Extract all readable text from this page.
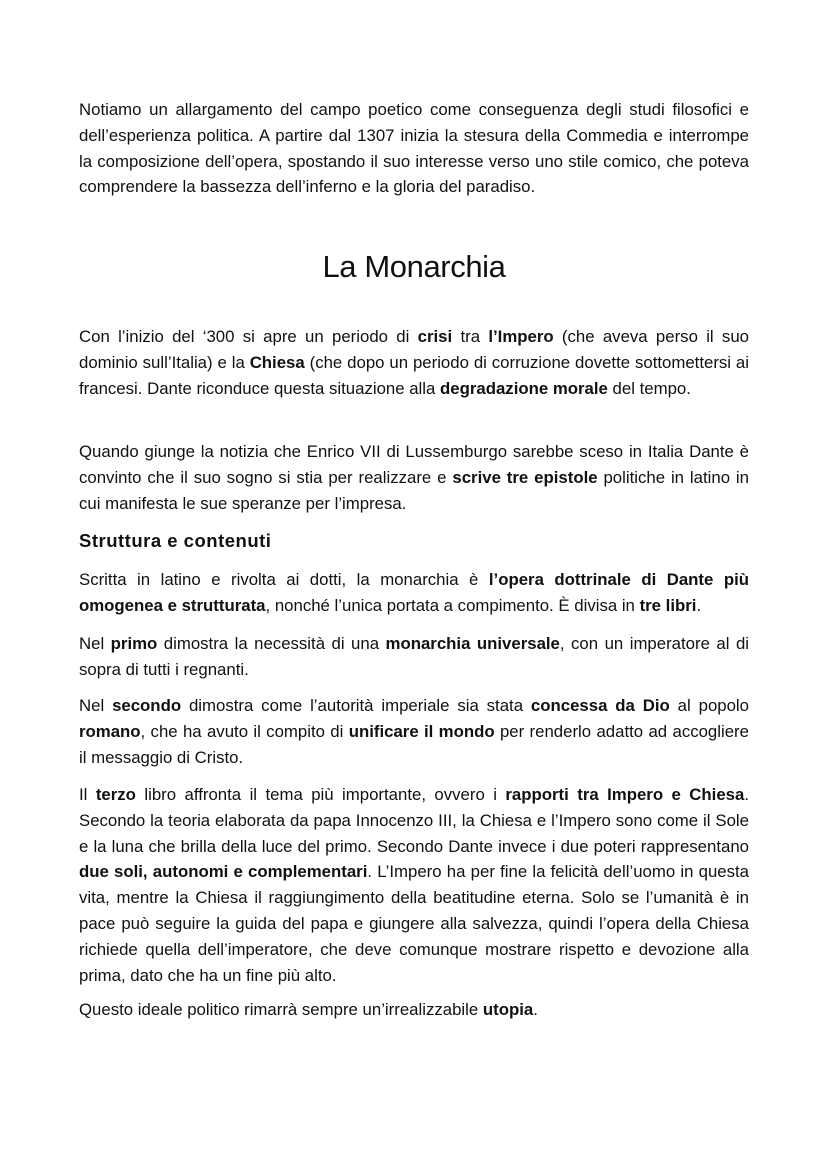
Notiamo un allargamento del campo poetico come conseguenza degli studi filosofici e dell’esperienza politica. A partire dal 1307 inizia la stesura della Commedia e interrompe la composizione dell’opera, spostando il suo interesse verso uno stile comico, che poteva comprendere la bassezza dell’inferno e la gloria del paradiso.

La Monarchia

Con l’inizio del ‘300 si apre un periodo di crisi tra l’Impero (che aveva perso il suo dominio sull’Italia) e la Chiesa (che dopo un periodo di corruzione dovette sottomettersi ai francesi. Dante riconduce questa situazione alla degradazione morale del tempo.

Quando giunge la notizia che Enrico VII di Lussemburgo sarebbe sceso in Italia Dante è convinto che il suo sogno si stia per realizzare e scrive tre epistole politiche in latino in cui manifesta le sue speranze per l’impresa.

Struttura e contenuti

Scritta in latino e rivolta ai dotti, la monarchia è l’opera dottrinale di Dante più omogenea e strutturata, nonché l’unica portata a compimento. È divisa in tre libri.

Nel primo dimostra la necessità di una monarchia universale, con un imperatore al di sopra di tutti i regnanti.

Nel secondo dimostra come l’autorità imperiale sia stata concessa da Dio al popolo romano, che ha avuto il compito di unificare il mondo per renderlo adatto ad accogliere il messaggio di Cristo.

Il terzo libro affronta il tema più importante, ovvero i rapporti tra Impero e Chiesa. Secondo la teoria elaborata da papa Innocenzo III, la Chiesa e l’Impero sono come il Sole e la luna che brilla della luce del primo. Secondo Dante invece i due poteri rappresentano due soli, autonomi e complementari. L’Impero ha per fine la felicità dell’uomo in questa vita, mentre la Chiesa il raggiungimento della beatitudine eterna. Solo se l’umanità è in pace può seguire la guida del papa e giungere alla salvezza, quindi l’opera della Chiesa richiede quella dell’imperatore, che deve comunque mostrare rispetto e devozione alla prima, dato che ha un fine più alto.

Questo ideale politico rimarrà sempre un’irrealizzabile utopia.
